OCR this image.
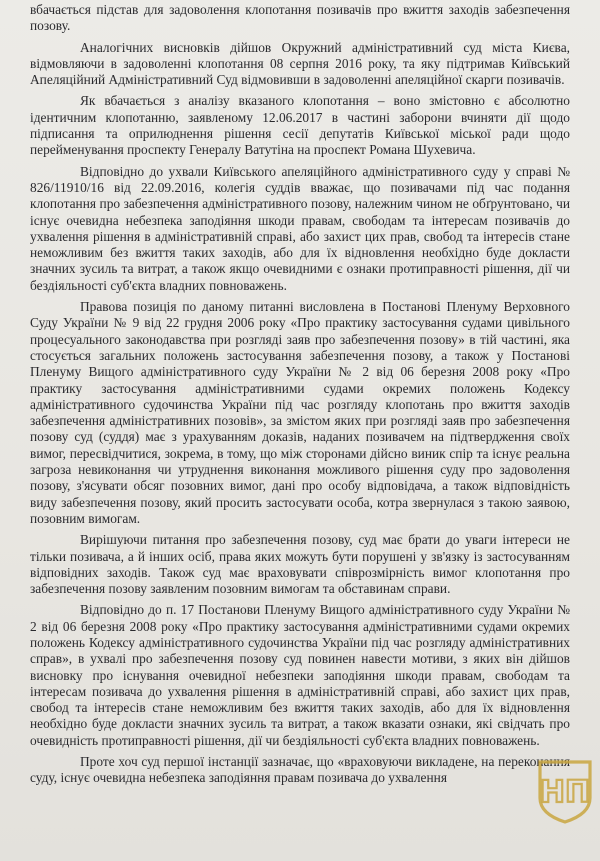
вбачається підстав для задоволення клопотання позивачів про вжиття заходів забезпечення позову.

Аналогічних висновків дійшов Окружний адміністративний суд міста Києва, відмовляючи в задоволенні клопотання 08 серпня 2016 року, та яку підтримав Київський Апеляційний Адміністративний Суд відмовивши в задоволенні апеляційної скарги позивачів.

Як вбачається з аналізу вказаного клопотання – воно змістовно є абсолютно ідентичним клопотанню, заявленому 12.06.2017 в частині заборони вчиняти дії щодо підписання та оприлюднення рішення сесії депутатів Київської міської ради щодо перейменування проспекту Генералу Ватутіна на проспект Романа Шухевича.

Відповідно до ухвали Київського апеляційного адміністративного суду у справі № 826/11910/16 від 22.09.2016, колегія суддів вважає, що позивачами під час подання клопотання про забезпечення адміністративного позову, належним чином не обґрунтовано, чи існує очевидна небезпека заподіяння шкоди правам, свободам та інтересам позивачів до ухвалення рішення в адміністративній справі, або захист цих прав, свобод та інтересів стане неможливим без вжиття таких заходів, або для їх відновлення необхідно буде докласти значних зусиль та витрат, а також якщо очевидними є ознаки протиправності рішення, дії чи бездіяльності суб'єкта владних повноважень.

Правова позиція по даному питанні висловлена в Постанові Пленуму Верховного Суду України № 9 від 22 грудня 2006 року «Про практику застосування судами цивільного процесуального законодавства при розгляді заяв про забезпечення позову» в тій частині, яка стосується загальних положень застосування забезпечення позову, а також у Постанові Пленуму Вищого адміністративного суду України № 2 від 06 березня 2008 року «Про практику застосування адміністративними судами окремих положень Кодексу адміністративного судочинства України під час розгляду клопотань про вжиття заходів забезпечення адміністративних позовів», за змістом яких при розгляді заяв про забезпечення позову суд (суддя) має з урахуванням доказів, наданих позивачем на підтвердження своїх вимог, пересвідчитися, зокрема, в тому, що між сторонами дійсно виник спір та існує реальна загроза невиконання чи утруднення виконання можливого рішення суду про задоволення позову, з'ясувати обсяг позовних вимог, дані про особу відповідача, а також відповідність виду забезпечення позову, який просить застосувати особа, котра звернулася з такою заявою, позовним вимогам.

Вирішуючи питання про забезпечення позову, суд має брати до уваги інтереси не тільки позивача, а й інших осіб, права яких можуть бути порушені у зв'язку із застосуванням відповідних заходів. Також суд має враховувати співрозмірність вимог клопотання про забезпечення позову заявленим позовним вимогам та обставинам справи.

Відповідно до п. 17 Постанови Пленуму Вищого адміністративного суду України № 2 від 06 березня 2008 року «Про практику застосування адміністративними судами окремих положень Кодексу адміністративного судочинства України під час розгляду адміністративних справ», в ухвалі про забезпечення позову суд повинен навести мотиви, з яких він дійшов висновку про існування очевидної небезпеки заподіяння шкоди правам, свободам та інтересам позивача до ухвалення рішення в адміністративній справі, або захист цих прав, свобод та інтересів стане неможливим без вжиття таких заходів, або для їх відновлення необхідно буде докласти значних зусиль та витрат, а також вказати ознаки, які свідчать про очевидність протиправності рішення, дії чи бездіяльності суб'єкта владних повноважень.

Проте хоч суд першої інстанції зазначає, що «враховуючи викладене, на переконання суду, існує очевидна небезпека заподіяння правам позивача до ухвалення	НП
